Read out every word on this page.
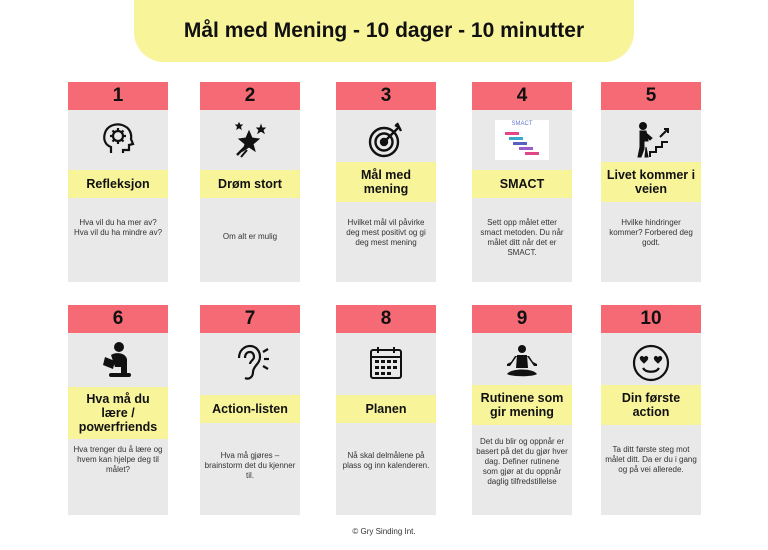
Mål med Mening - 10 dager - 10 minutter
1
Refleksjon
Hva vil du ha mer av? Hva vil du ha mindre av?
2
Drøm stort
Om alt er mulig
3
Mål med mening
Hvilket mål vil påvirke deg mest positivt og gi deg mest mening
4
SMACT
SMACT
Sett opp målet etter smact metoden. Du når målet ditt når det er SMACT.
5
Livet kommer i veien
Hvilke hindringer kommer? Forbered deg godt.
6
Hva må du lære / powerfriends
Hva trenger du å lære og hvem kan hjelpe deg til målet?
7
Action-listen
Hva må gjøres – brainstorm det du kjenner til.
8
Planen
Nå skal delmålene på plass og inn kalenderen.
9
Rutinene som gir mening
Det du blir og oppnår er basert på det du gjør hver dag. Definer rutinene som gjør at du oppnår daglig tilfredstillelse
10
Din første action
Ta ditt første steg mot målet ditt. Da er du i gang og på vei allerede.
© Gry Sinding Int.
